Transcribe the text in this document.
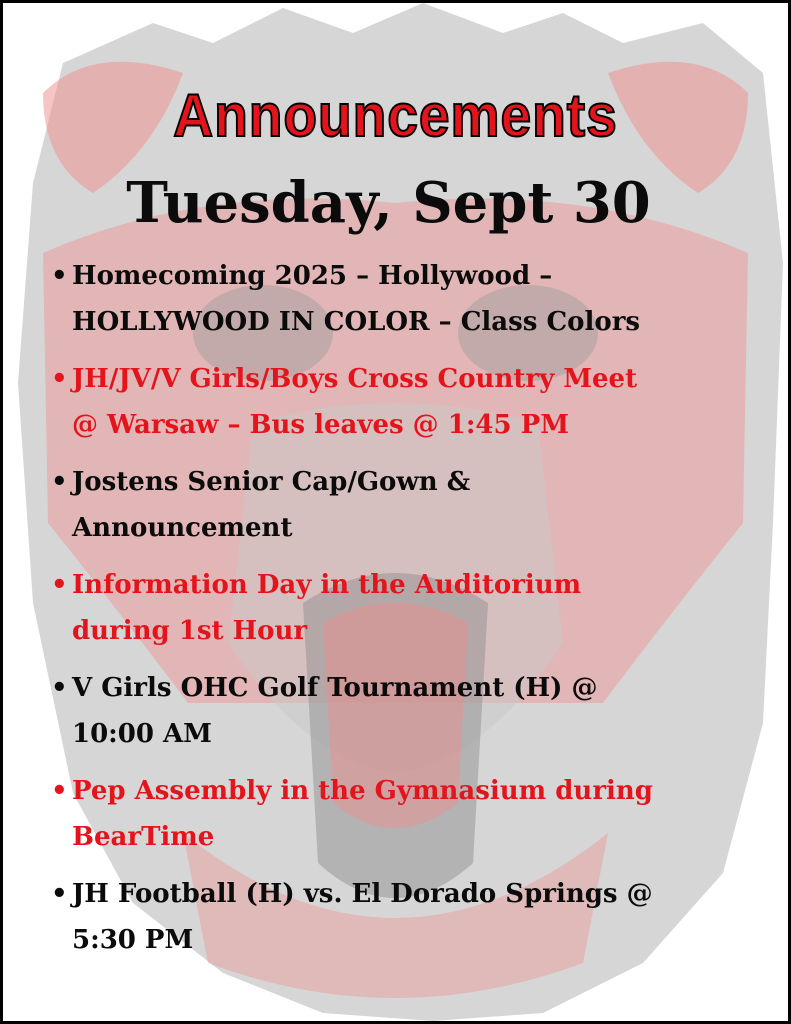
Announcements
Tuesday, Sept 30
• Homecoming 2025 – Hollywood –
HOLLYWOOD IN COLOR – Class Colors
• JH/JV/V Girls/Boys Cross Country Meet
@ Warsaw – Bus leaves @ 1:45 PM
• Jostens Senior Cap/Gown &
Announcement
• Information Day in the Auditorium
during 1st Hour
• V Girls OHC Golf Tournament (H) @
10:00 AM
• Pep Assembly in the Gymnasium during
BearTime
• JH Football (H) vs. El Dorado Springs @
5:30 PM
